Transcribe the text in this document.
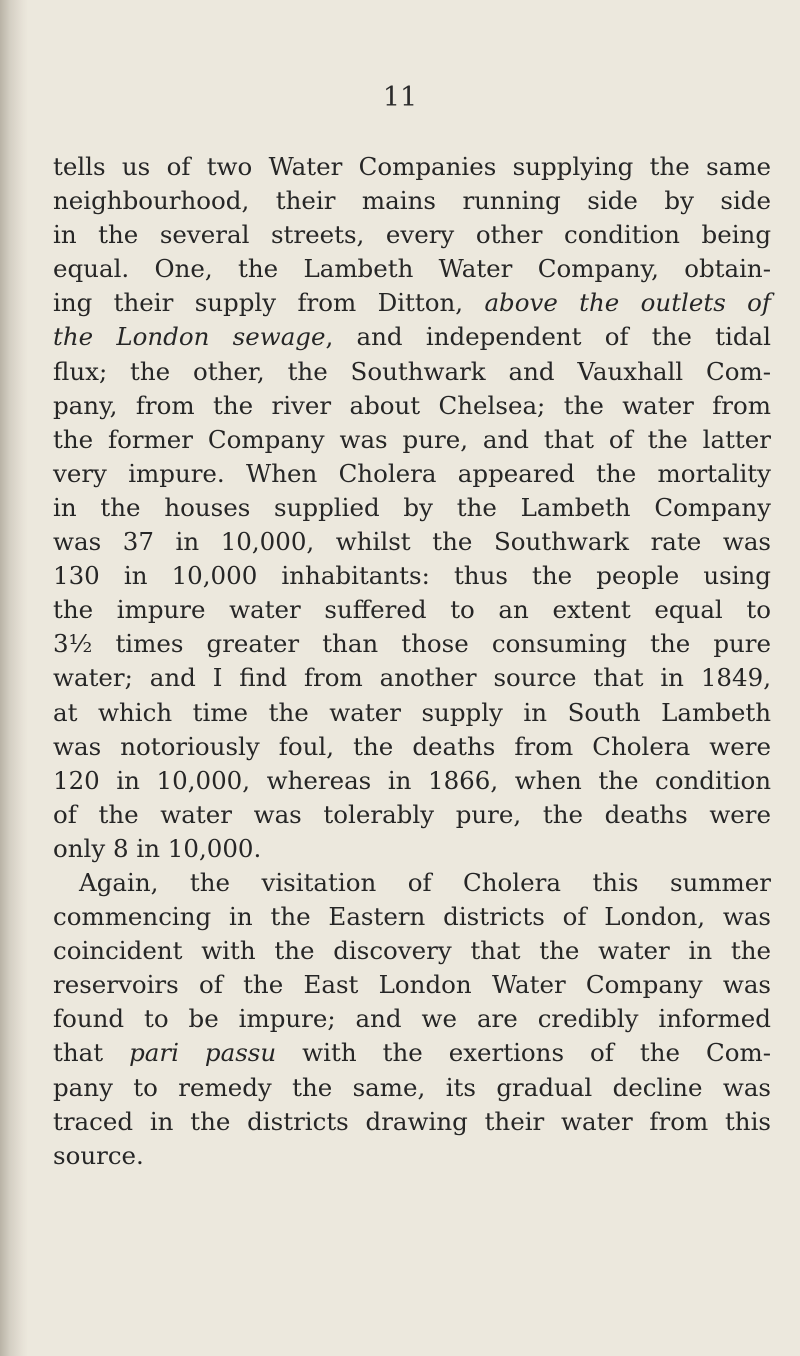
11
tells us of two Water Companies supplying the same
neighbourhood, their mains running side by side
in the several streets, every other condition being
equal. One, the Lambeth Water Company, obtain-
ing their supply from Ditton, above the outlets of
the London sewage, and independent of the tidal
flux; the other, the Southwark and Vauxhall Com-
pany, from the river about Chelsea; the water from
the former Company was pure, and that of the latter
very impure. When Cholera appeared the mortality
in the houses supplied by the Lambeth Company
was 37 in 10,000, whilst the Southwark rate was
130 in 10,000 inhabitants: thus the people using
the impure water suffered to an extent equal to
3½ times greater than those consuming the pure
water; and I find from another source that in 1849,
at which time the water supply in South Lambeth
was notoriously foul, the deaths from Cholera were
120 in 10,000, whereas in 1866, when the condition
of the water was tolerably pure, the deaths were
only 8 in 10,000.
Again, the visitation of Cholera this summer
commencing in the Eastern districts of London, was
coincident with the discovery that the water in the
reservoirs of the East London Water Company was
found to be impure; and we are credibly informed
that pari passu with the exertions of the Com-
pany to remedy the same, its gradual decline was
traced in the districts drawing their water from this
source.
